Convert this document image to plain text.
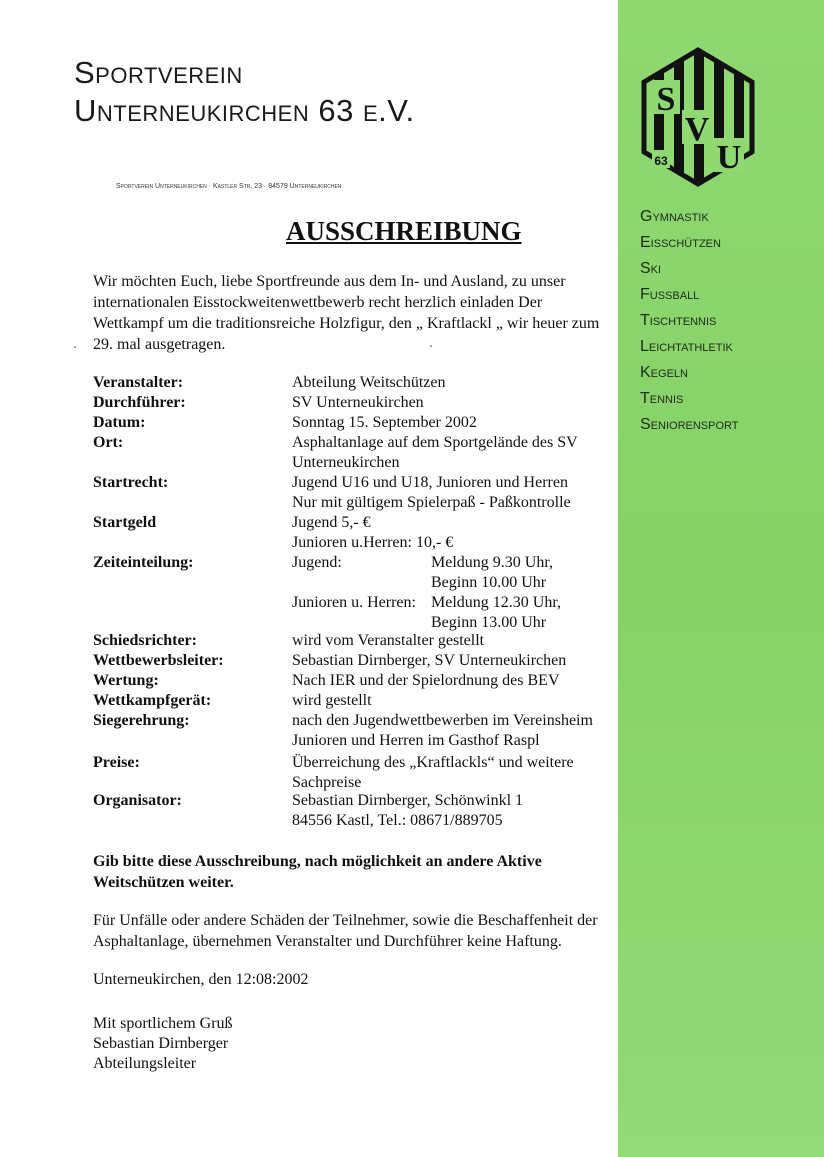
S
V
U
63
Gymnastik
Eisschützen
Ski
Fussball
Tischtennis
Leichtathletik
Kegeln
Tennis
Seniorensport
Sportverein
Unterneukirchen 63 e.V.
Sportverein Unterneukirchen · Kastler Str. 23 · 84579 Unterneukirchen
AUSSCHREIBUNG
Wir möchten Euch, liebe Sportfreunde aus dem In- und Ausland, zu unser internationalen Eisstockweitenwettbewerb recht herzlich einladen Der Wettkampf um die traditionsreiche Holzfigur, den „ Kraftlackl „ wir heuer zum 29. mal ausgetragen.
Veranstalter:	Abteilung Weitschützen
Durchführer:	SV Unterneukirchen
Datum:	Sonntag 15. September 2002
Ort:	Asphaltanlage auf dem Sportgelände des SV
Unterneukirchen
Startrecht:	Jugend U16 und U18, Junioren und Herren
Nur mit gültigem Spielerpaß - Paßkontrolle
Startgeld	Jugend 5,- €
Junioren u.Herren: 10,- €
Zeiteinteilung:	Jugend:	Meldung 9.30 Uhr,
Beginn 10.00 Uhr
Junioren u. Herren: Meldung 12.30 Uhr,
Beginn 13.00 Uhr
Schiedsrichter:	wird vom Veranstalter gestellt
Wettbewerbsleiter:	Sebastian Dirnberger, SV Unterneukirchen
Wertung:	Nach IER und der Spielordnung des BEV
Wettkampfgerät:	wird gestellt
Siegerehrung:	nach den Jugendwettbewerben im Vereinsheim
Junioren und Herren im Gasthof Raspl
Preise:	Überreichung des „Kraftlackls“ und weitere
Sachpreise
Organisator:	Sebastian Dirnberger, Schönwinkl 1
84556 Kastl, Tel.: 08671/889705
Gib bitte diese Ausschreibung, nach möglichkeit an andere Aktive Weitschützen weiter.
Für Unfälle oder andere Schäden der Teilnehmer, sowie die Beschaffenheit der Asphaltanlage, übernehmen Veranstalter und Durchführer keine Haftung.
Unterneukirchen, den 12:08:2002
Mit sportlichem Gruß
Sebastian Dirnberger
Abteilungsleiter
